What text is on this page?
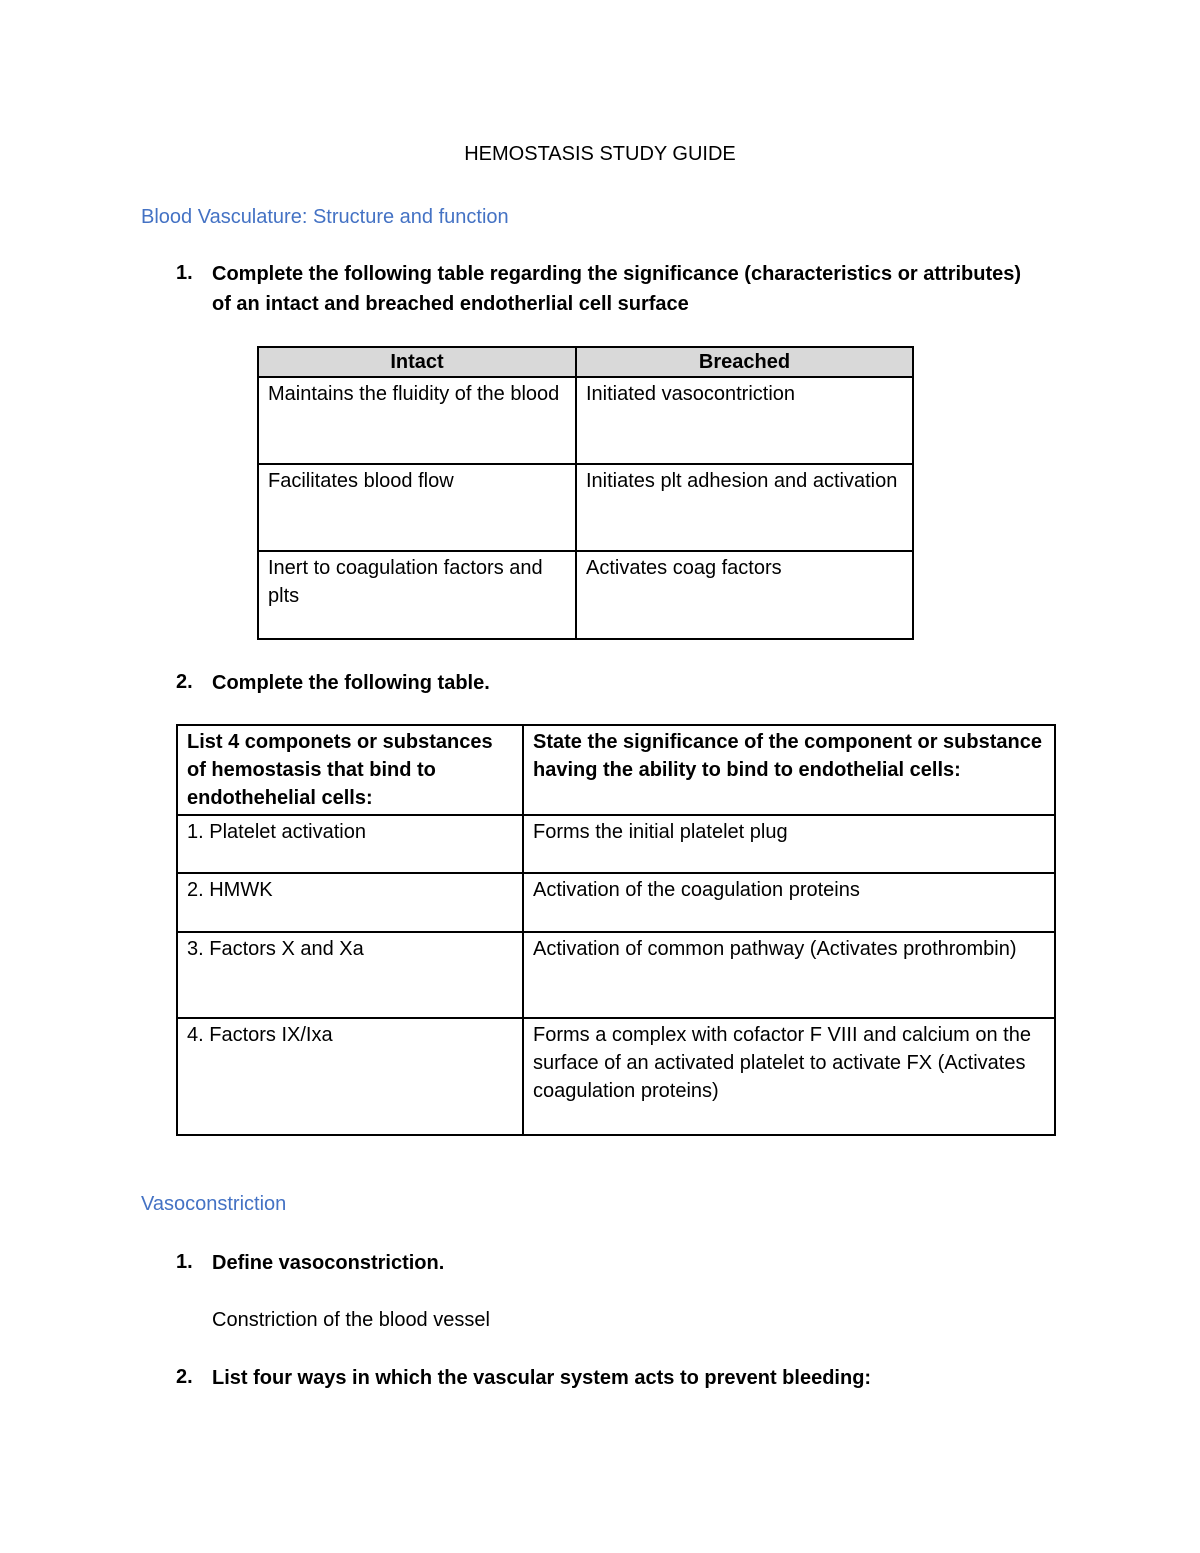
HEMOSTASIS STUDY GUIDE
Blood Vasculature: Structure and function
1. Complete the following table regarding the significance (characteristics or attributes)
of an intact and breached endotherlial cell surface
Intact	Breached
Maintains the fluidity of the blood	Initiated vasocontriction
Facilitates blood flow	Initiates plt adhesion and activation
Inert to coagulation factors and plts	Activates coag factors
2. Complete the following table.
List 4 componets or substances of hemostasis that bind to endothehelial cells:	State the significance of the component or substance having the ability to bind to endothelial cells:
1. Platelet activation	Forms the initial platelet plug
2. HMWK	Activation of the coagulation proteins
3. Factors X and Xa	Activation of common pathway (Activates prothrombin)
4. Factors IX/Ixa	Forms a complex with cofactor F VIII and calcium on the surface of an activated platelet to activate FX (Activates coagulation proteins)
Vasoconstriction
1. Define vasoconstriction.
Constriction of the blood vessel
2. List four ways in which the vascular system acts to prevent bleeding:
